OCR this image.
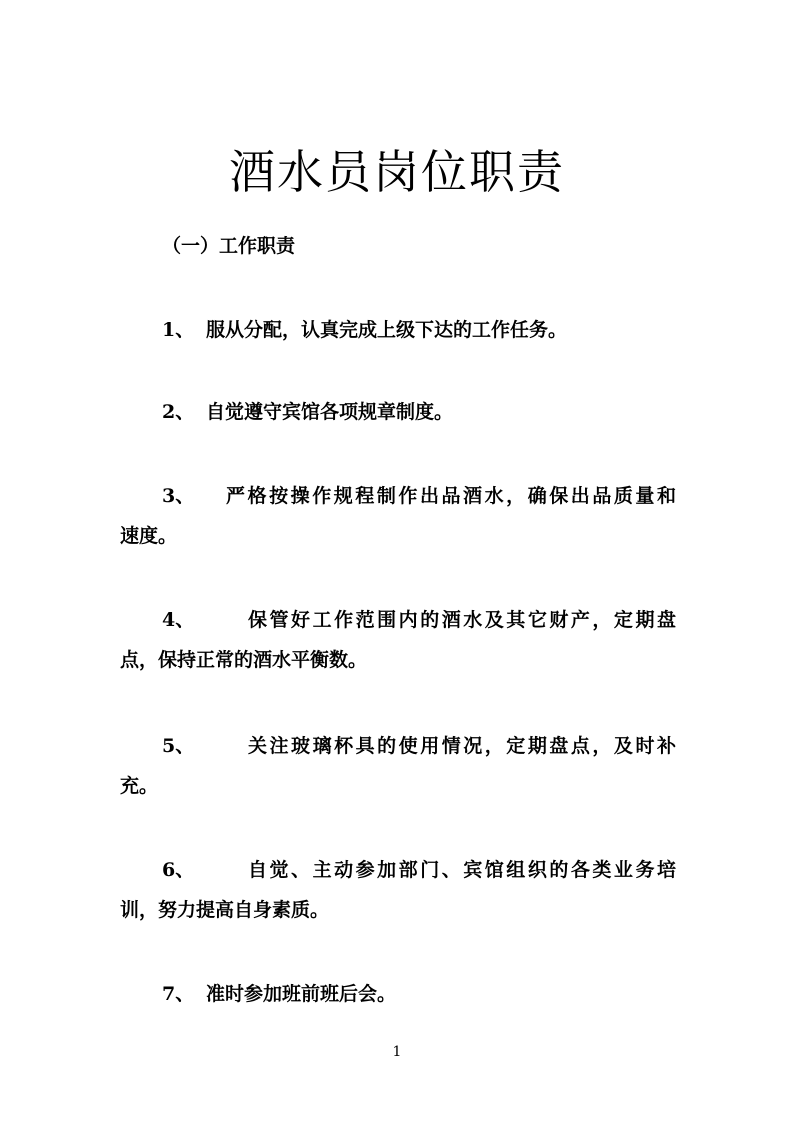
酒水员岗位职责
（一）工作职责
1、 服从分配，认真完成上级下达的工作任务。
2、 自觉遵守宾馆各项规章制度。
3、 严格按操作规程制作出品酒水，确保出品质量和
速度。
4、	保管好工作范围内的酒水及其它财产，定期盘
点，保持正常的酒水平衡数。
5、	关注玻璃杯具的使用情况，定期盘点，及时补
充。
6、	自觉、主动参加部门、宾馆组织的各类业务培
训，努力提高自身素质。
7、 准时参加班前班后会。
1
